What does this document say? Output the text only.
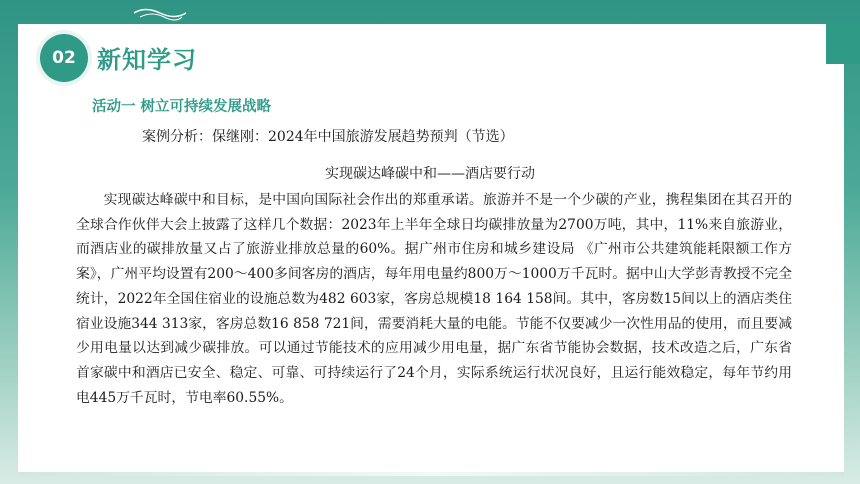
02 新知学习
活动一 树立可持续发展战略

案例分析：保继刚：2024年中国旅游发展趋势预判（节选）

实现碳达峰碳中和——酒店要行动

实现碳达峰碳中和目标，是中国向国际社会作出的郑重承诺。旅游并不是一个少碳的产业，携程集团在其召开的全球合作伙伴大会上披露了这样几个数据：2023年上半年全球日均碳排放量为2700万吨，其中，11%来自旅游业，而酒店业的碳排放量又占了旅游业排放总量的60%。据广州市住房和城乡建设局 《广州市公共建筑能耗限额工作方案》，广州平均设置有200～400多间客房的酒店，每年用电量约800万～1000万千瓦时。据中山大学彭青教授不完全统计，2022年全国住宿业的设施总数为482 603家，客房总规模18 164 158间。其中，客房数15间以上的酒店类住宿业设施344 313家，客房总数16 858 721间，需要消耗大量的电能。节能不仅要减少一次性用品的使用，而且要减少用电量以达到减少碳排放。可以通过节能技术的应用减少用电量，据广东省节能协会数据，技术改造之后，广东省首家碳中和酒店已安全、稳定、可靠、可持续运行了24个月，实际系统运行状况良好，且运行能效稳定，每年节约用电445万千瓦时，节电率60.55%。
